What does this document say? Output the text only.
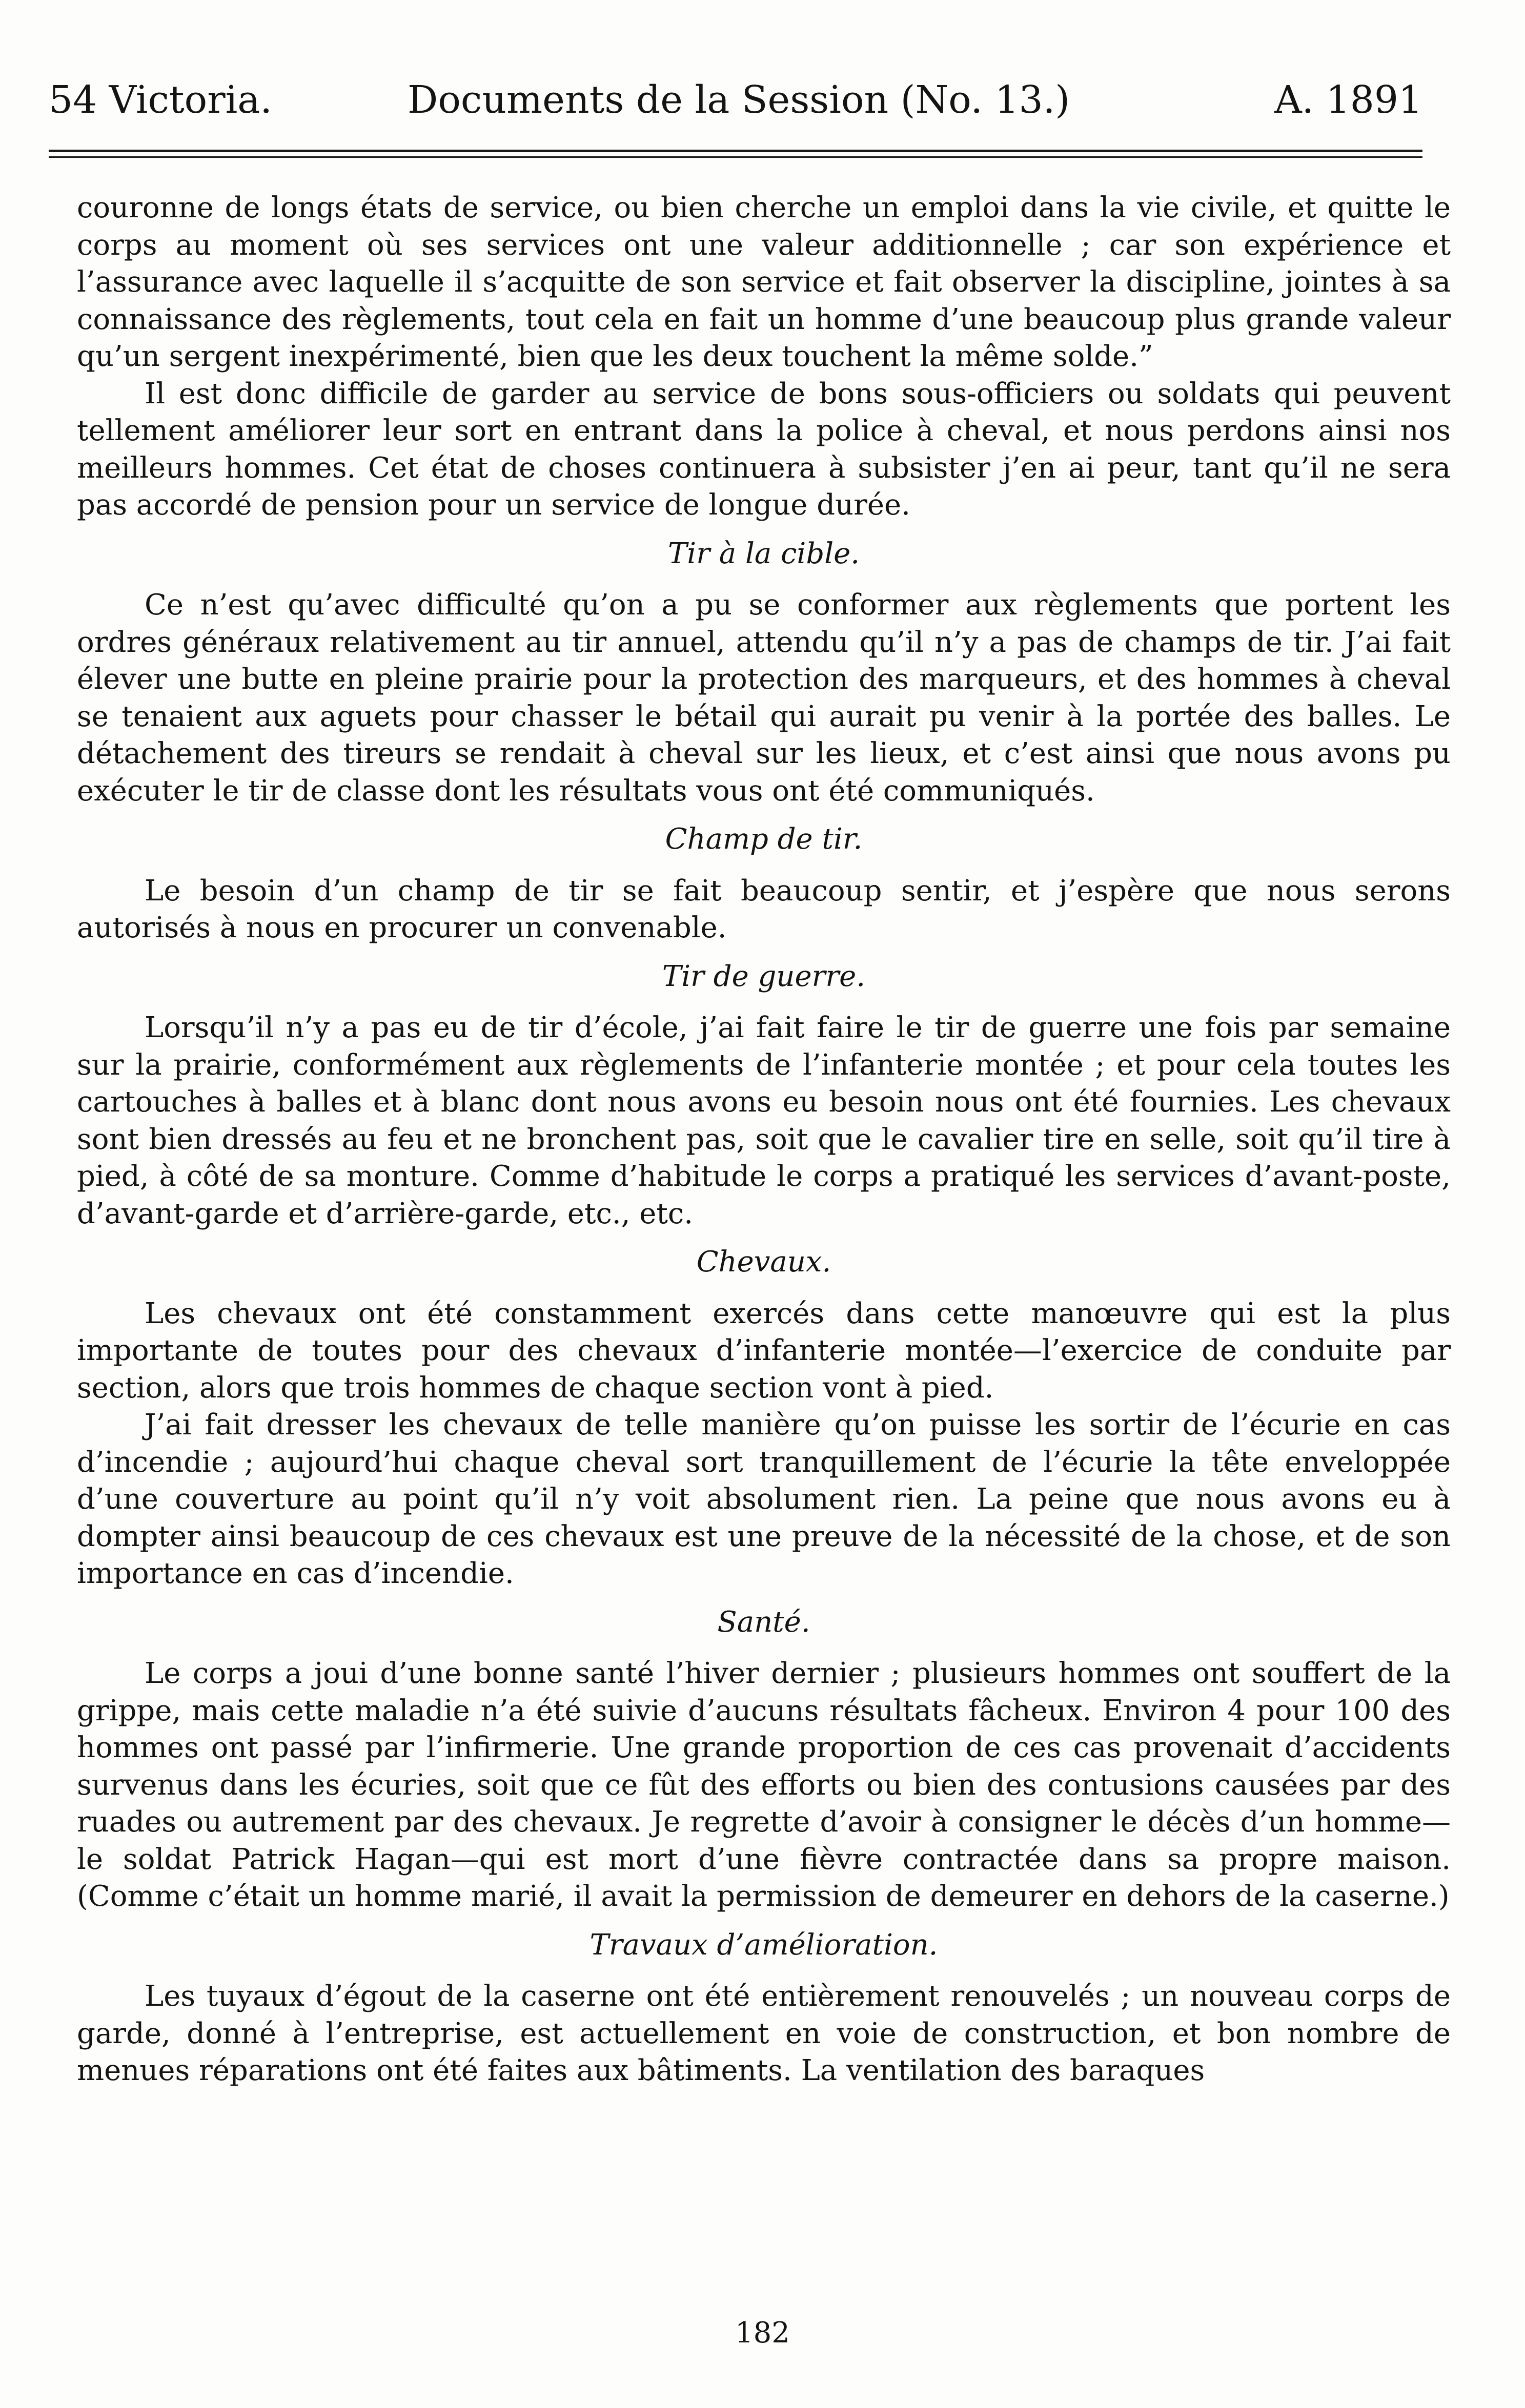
54 Victoria.	Documents de la Session (No. 13.)	A. 1891

couronne de longs états de service, ou bien cherche un emploi dans la vie civile, et quitte le corps au moment où ses services ont une valeur additionnelle ; car son expérience et l’assurance avec laquelle il s’acquitte de son service et fait observer la discipline, jointes à sa connaissance des règlements, tout cela en fait un homme d’une beaucoup plus grande valeur qu’un sergent inexpérimenté, bien que les deux touchent la même solde.”

Il est donc difficile de garder au service de bons sous-officiers ou soldats qui peuvent tellement améliorer leur sort en entrant dans la police à cheval, et nous perdons ainsi nos meilleurs hommes. Cet état de choses continuera à subsister j’en ai peur, tant qu’il ne sera pas accordé de pension pour un service de longue durée.

Tir à la cible.

Ce n’est qu’avec difficulté qu’on a pu se conformer aux règlements que portent les ordres généraux relativement au tir annuel, attendu qu’il n’y a pas de champs de tir. J’ai fait élever une butte en pleine prairie pour la protection des marqueurs, et des hommes à cheval se tenaient aux aguets pour chasser le bétail qui aurait pu venir à la portée des balles. Le détachement des tireurs se rendait à cheval sur les lieux, et c’est ainsi que nous avons pu exécuter le tir de classe dont les résultats vous ont été communiqués.

Champ de tir.

Le besoin d’un champ de tir se fait beaucoup sentir, et j’espère que nous serons autorisés à nous en procurer un convenable.

Tir de guerre.

Lorsqu’il n’y a pas eu de tir d’école, j’ai fait faire le tir de guerre une fois par semaine sur la prairie, conformément aux règlements de l’infanterie montée ; et pour cela toutes les cartouches à balles et à blanc dont nous avons eu besoin nous ont été fournies. Les chevaux sont bien dressés au feu et ne bronchent pas, soit que le cavalier tire en selle, soit qu’il tire à pied, à côté de sa monture. Comme d’habitude le corps a pratiqué les services d’avant-poste, d’avant-garde et d’arrière-garde, etc., etc.

Chevaux.

Les chevaux ont été constamment exercés dans cette manœuvre qui est la plus importante de toutes pour des chevaux d’infanterie montée—l’exercice de conduite par section, alors que trois hommes de chaque section vont à pied.

J’ai fait dresser les chevaux de telle manière qu’on puisse les sortir de l’écurie en cas d’incendie ; aujourd’hui chaque cheval sort tranquillement de l’écurie la tête enveloppée d’une couverture au point qu’il n’y voit absolument rien. La peine que nous avons eu à dompter ainsi beaucoup de ces chevaux est une preuve de la nécessité de la chose, et de son importance en cas d’incendie.

Santé.

Le corps a joui d’une bonne santé l’hiver dernier ; plusieurs hommes ont souffert de la grippe, mais cette maladie n’a été suivie d’aucuns résultats fâcheux. Environ 4 pour 100 des hommes ont passé par l’infirmerie. Une grande proportion de ces cas provenait d’accidents survenus dans les écuries, soit que ce fût des efforts ou bien des contusions causées par des ruades ou autrement par des chevaux. Je regrette d’avoir à consigner le décès d’un homme—le soldat Patrick Hagan—qui est mort d’une fièvre contractée dans sa propre maison. (Comme c’était un homme marié, il avait la permission de demeurer en dehors de la caserne.)

Travaux d’amélioration.

Les tuyaux d’égout de la caserne ont été entièrement renouvelés ; un nouveau corps de garde, donné à l’entreprise, est actuellement en voie de construction, et bon nombre de menues réparations ont été faites aux bâtiments. La ventilation des baraques

182
